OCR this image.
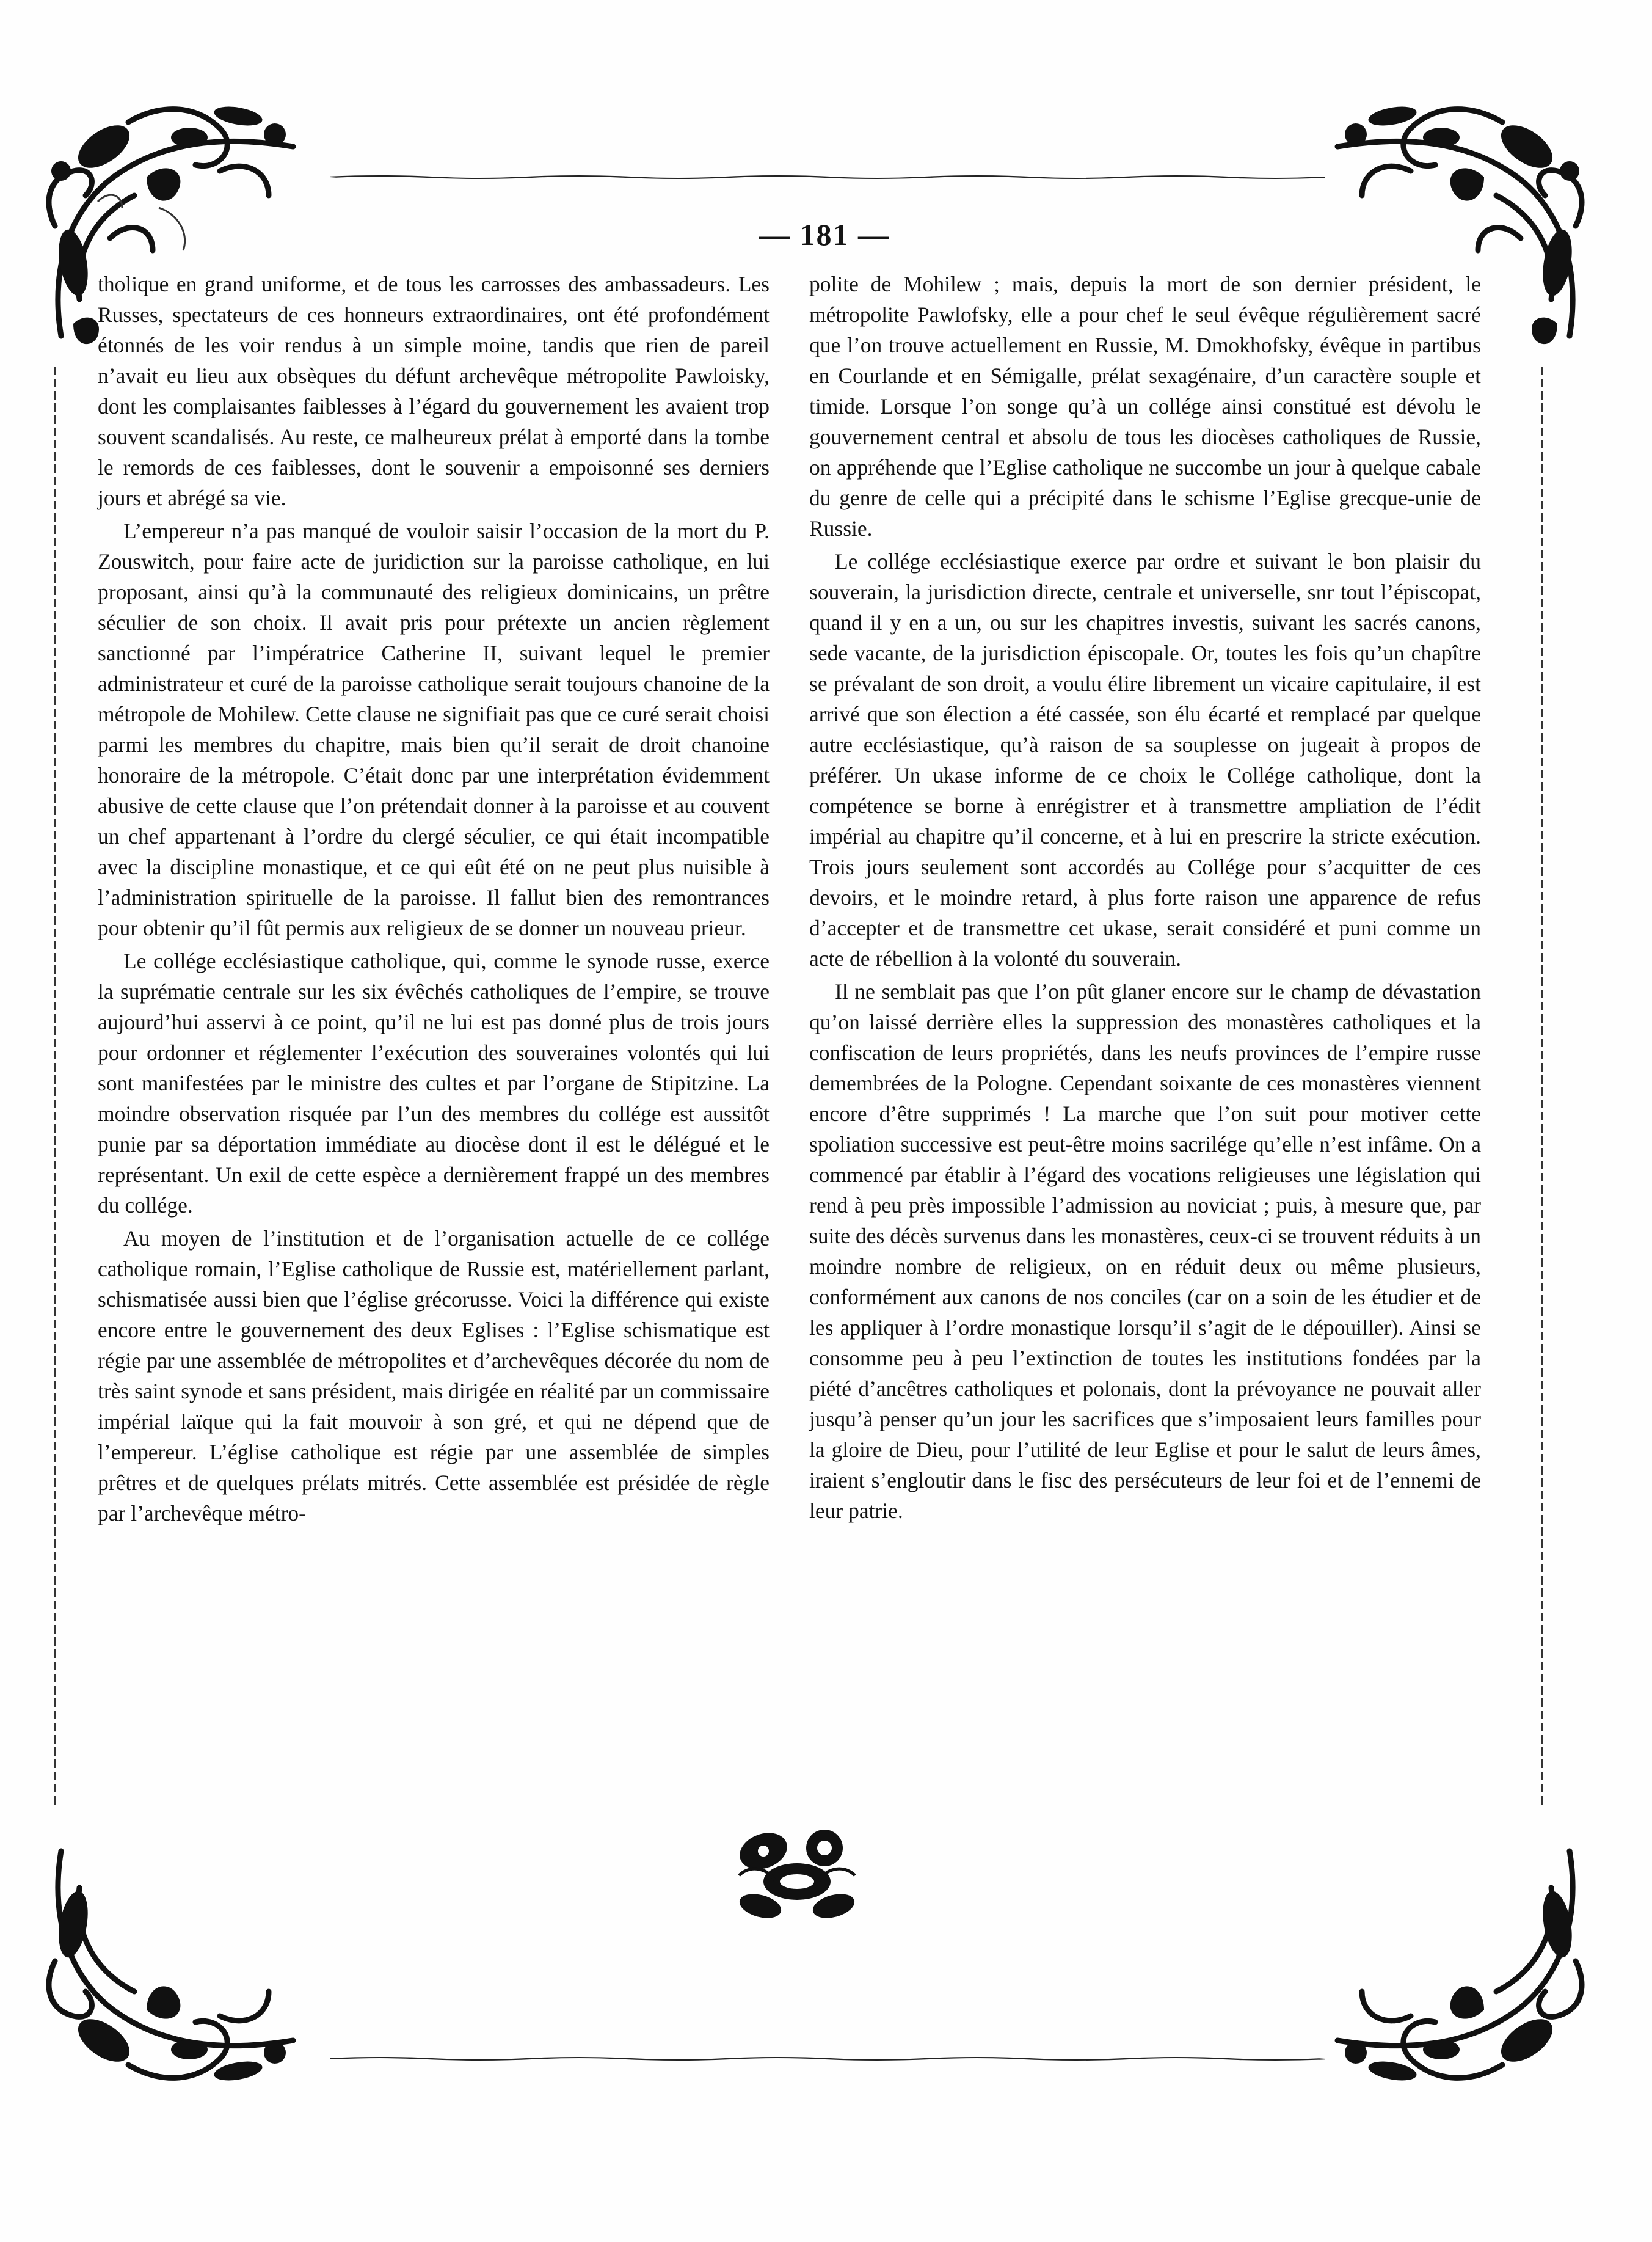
— 181 —

tholique en grand uniforme, et de tous les carrosses des ambassadeurs. Les Russes, spectateurs de ces honneurs extraordinaires, ont été profondément étonnés de les voir rendus à un simple moine, tandis que rien de pareil n’avait eu lieu aux obsèques du défunt archevêque métropolite Pawloisky, dont les complaisantes faiblesses à l’égard du gouvernement les avaient trop souvent scandalisés. Au reste, ce malheureux prélat à emporté dans la tombe le remords de ces faiblesses, dont le souvenir a empoisonné ses derniers jours et abrégé sa vie.

L’empereur n’a pas manqué de vouloir saisir l’occasion de la mort du P. Zouswitch, pour faire acte de juridiction sur la paroisse catholique, en lui proposant, ainsi qu’à la communauté des religieux dominicains, un prêtre séculier de son choix. Il avait pris pour prétexte un ancien règlement sanctionné par l’impératrice Catherine II, suivant lequel le premier administrateur et curé de la paroisse catholique serait toujours chanoine de la métropole de Mohilew. Cette clause ne signifiait pas que ce curé serait choisi parmi les membres du chapitre, mais bien qu’il serait de droit chanoine honoraire de la métropole. C’était donc par une interprétation évidemment abusive de cette clause que l’on prétendait donner à la paroisse et au couvent un chef appartenant à l’ordre du clergé séculier, ce qui était incompatible avec la discipline monastique, et ce qui eût été on ne peut plus nuisible à l’administration spirituelle de la paroisse. Il fallut bien des remontrances pour obtenir qu’il fût permis aux religieux de se donner un nouveau prieur.

Le collége ecclésiastique catholique, qui, comme le synode russe, exerce la suprématie centrale sur les six évêchés catholiques de l’empire, se trouve aujourd’hui asservi à ce point, qu’il ne lui est pas donné plus de trois jours pour ordonner et réglementer l’exécution des souveraines volontés qui lui sont manifestées par le ministre des cultes et par l’organe de Stipitzine. La moindre observation risquée par l’un des membres du collége est aussitôt punie par sa déportation immédiate au diocèse dont il est le délégué et le représentant. Un exil de cette espèce a dernièrement frappé un des membres du collége.

Au moyen de l’institution et de l’organisation actuelle de ce collége catholique romain, l’Eglise catholique de Russie est, matériellement parlant, schismatisée aussi bien que l’église grécorusse. Voici la différence qui existe encore entre le gouvernement des deux Eglises : l’Eglise schismatique est régie par une assemblée de métropolites et d’archevêques décorée du nom de très saint synode et sans président, mais dirigée en réalité par un commissaire impérial laïque qui la fait mouvoir à son gré, et qui ne dépend que de l’empereur. L’église catholique est régie par une assemblée de simples prêtres et de quelques prélats mitrés. Cette assemblée est présidée de règle par l’archevêque métro-

polite de Mohilew ; mais, depuis la mort de son dernier président, le métropolite Pawlofsky, elle a pour chef le seul évêque régulièrement sacré que l’on trouve actuellement en Russie, M. Dmokhofsky, évêque in partibus en Courlande et en Sémigalle, prélat sexagénaire, d’un caractère souple et timide. Lorsque l’on songe qu’à un collége ainsi constitué est dévolu le gouvernement central et absolu de tous les diocèses catholiques de Russie, on appréhende que l’Eglise catholique ne succombe un jour à quelque cabale du genre de celle qui a précipité dans le schisme l’Eglise grecque-unie de Russie.

Le collége ecclésiastique exerce par ordre et suivant le bon plaisir du souverain, la jurisdiction directe, centrale et universelle, snr tout l’épiscopat, quand il y en a un, ou sur les chapitres investis, suivant les sacrés canons, sede vacante, de la jurisdiction épiscopale. Or, toutes les fois qu’un chapître se prévalant de son droit, a voulu élire librement un vicaire capitulaire, il est arrivé que son élection a été cassée, son élu écarté et remplacé par quelque autre ecclésiastique, qu’à raison de sa souplesse on jugeait à propos de préférer. Un ukase informe de ce choix le Collége catholique, dont la compétence se borne à enrégistrer et à transmettre ampliation de l’édit impérial au chapitre qu’il concerne, et à lui en prescrire la stricte exécution. Trois jours seulement sont accordés au Collége pour s’acquitter de ces devoirs, et le moindre retard, à plus forte raison une apparence de refus d’accepter et de transmettre cet ukase, serait considéré et puni comme un acte de rébellion à la volonté du souverain.

Il ne semblait pas que l’on pût glaner encore sur le champ de dévastation qu’on laissé derrière elles la suppression des monastères catholiques et la confiscation de leurs propriétés, dans les neufs provinces de l’empire russe demembrées de la Pologne. Cependant soixante de ces monastères viennent encore d’être supprimés ! La marche que l’on suit pour motiver cette spoliation successive est peut-être moins sacrilége qu’elle n’est infâme. On a commencé par établir à l’égard des vocations religieuses une législation qui rend à peu près impossible l’admission au noviciat ; puis, à mesure que, par suite des décès survenus dans les monastères, ceux-ci se trouvent réduits à un moindre nombre de religieux, on en réduit deux ou même plusieurs, conformément aux canons de nos conciles (car on a soin de les étudier et de les appliquer à l’ordre monastique lorsqu’il s’agit de le dépouiller). Ainsi se consomme peu à peu l’extinction de toutes les institutions fondées par la piété d’ancêtres catholiques et polonais, dont la prévoyance ne pouvait aller jusqu’à penser qu’un jour les sacrifices que s’imposaient leurs familles pour la gloire de Dieu, pour l’utilité de leur Eglise et pour le salut de leurs âmes, iraient s’engloutir dans le fisc des persécuteurs de leur foi et de l’ennemi de leur patrie.
